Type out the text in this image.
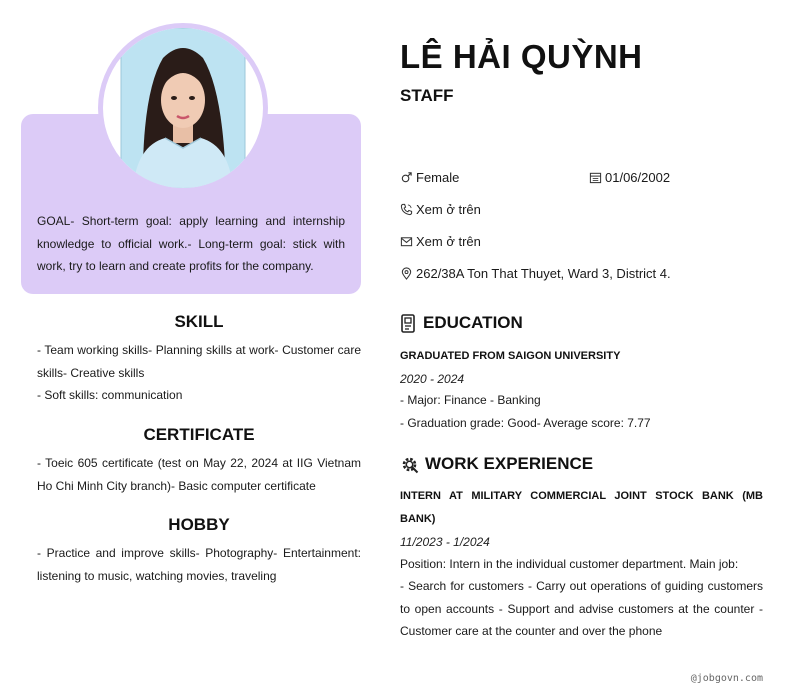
GOAL- Short-term goal: apply learning and internship knowledge to official work.- Long-term goal: stick with work, try to learn and create profits for the company.
SKILL
- Team working skills- Planning skills at work- Customer care skills- Creative skills
- Soft skills: communication
CERTIFICATE
- Toeic 605 certificate (test on May 22, 2024 at IIG Vietnam Ho Chi Minh City branch)- Basic computer certificate
HOBBY
- Practice and improve skills- Photography- Entertainment: listening to music, watching movies, traveling
LÊ HẢI QUỲNH
STAFF
Female	01/06/2002
Xem ở trên
Xem ở trên
262/38A Ton That Thuyet, Ward 3, District 4.
EDUCATION
GRADUATED FROM SAIGON UNIVERSITY
2020 - 2024
- Major: Finance - Banking
- Graduation grade: Good- Average score: 7.77
WORK EXPERIENCE
INTERN AT MILITARY COMMERCIAL JOINT STOCK BANK (MB BANK)
11/2023 - 1/2024
Position: Intern in the individual customer department. Main job:
- Search for customers - Carry out operations of guiding customers to open accounts - Support and advise customers at the counter - Customer care at the counter and over the phone
@jobgovn.com
